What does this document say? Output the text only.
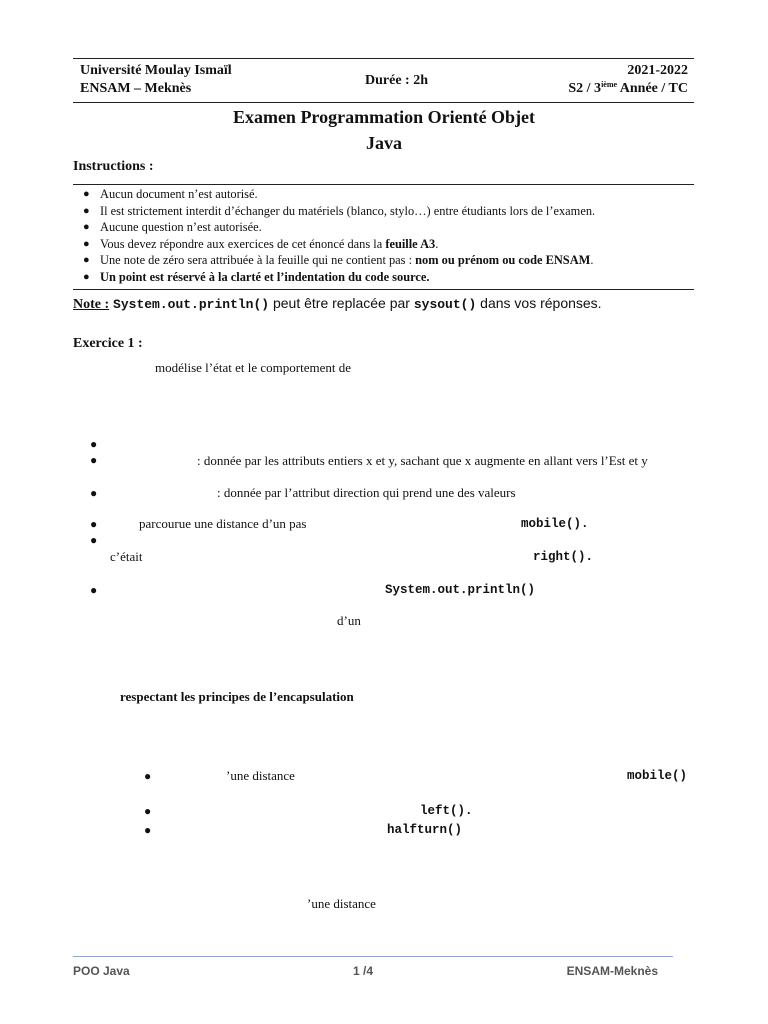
Université Moulay Ismaïl
ENSAM – Meknès
Durée : 2h
2021-2022
S2 / 3ième Année / TC
Examen Programmation Orienté Objet
Java
Instructions :
● Aucun document n’est autorisé.
● Il est strictement interdit d’échanger du matériels (blanco, stylo…) entre étudiants lors de l’examen.
● Aucune question n’est autorisée.
● Vous devez répondre aux exercices de cet énoncé dans la feuille A3.
● Une note de zéro sera attribuée à la feuille qui ne contient pas : nom ou prénom ou code ENSAM.
● Un point est réservé à la clarté et l’indentation du code source.
Note : System.out.println() peut être replacée par sysout() dans vos réponses.
Exercice 1 :
modélise l’état et le comportement de
●
●	: donnée par les attributs entiers x et y, sachant que x augmente en allant vers l’Est et y
●	: donnée par l’attribut direction qui prend une des valeurs
●	parcourue une distance d’un pas	mobile().
●
c’était	right().
●	System.out.println()
d’un
respectant les principes de l’encapsulation
●	’une distance	mobile()
●	left().
●	halfturn()
’une distance
POO Java	1 /4	ENSAM-Meknès
